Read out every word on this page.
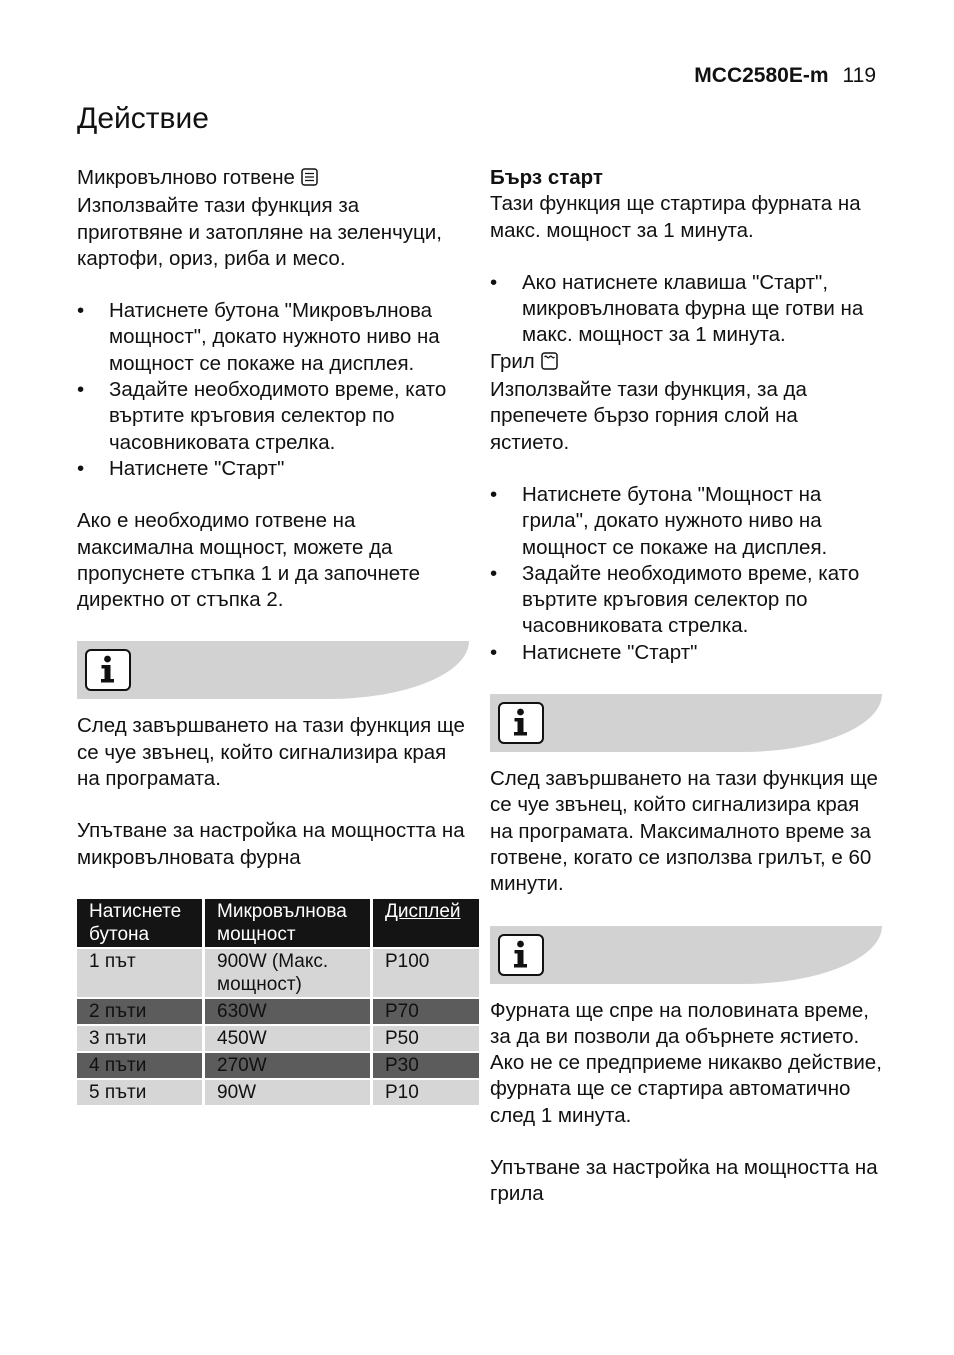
MCC2580E-m 119
Действие

Микровълново готвене

Използвайте тази функция за приготвяне и затопляне на зеленчуци, картофи, ориз, риба и месо.

• Натиснете бутона "Микровълнова мощност", докато нужното ниво на мощност се покаже на дисплея.
• Задайте необходимото време, като въртите кръговия селектор по часовниковата стрелка.
• Натиснете "Старт"

Ако е необходимо готвене на максимална мощност, можете да пропуснете стъпка 1 и да започнете директно от стъпка 2.

След завършването на тази функция ще се чуе звънец, който сигнализира края на програмата.

Упътване за настройка на мощността на микровълновата фурна

Натиснете бутона	Микровълнова мощност	Дисплей
1 път	900W (Макс. мощност)	P100
2 пъти	630W	P70
3 пъти	450W	P50
4 пъти	270W	P30
5 пъти	90W	P10

Бърз старт

Тази функция ще стартира фурната на макс. мощност за 1 минута.

• Ако натиснете клавиша "Старт", микровълновата фурна ще готви на макс. мощност за 1 минута.

Грил

Използвайте тази функция, за да препечете бързо горния слой на ястието.

• Натиснете бутона "Мощност на грила", докато нужното ниво на мощност се покаже на дисплея.
• Задайте необходимото време, като въртите кръговия селектор по часовниковата стрелка.
• Натиснете "Старт"

След завършването на тази функция ще се чуе звънец, който сигнализира края на програмата. Максималното време за готвене, когато се използва грилът, е 60 минути.

Фурната ще спре на половината време, за да ви позволи да обърнете ястието.

Ако не се предприеме никакво действие, фурната ще се стартира автоматично след 1 минута.

Упътване за настройка на мощността на грила
